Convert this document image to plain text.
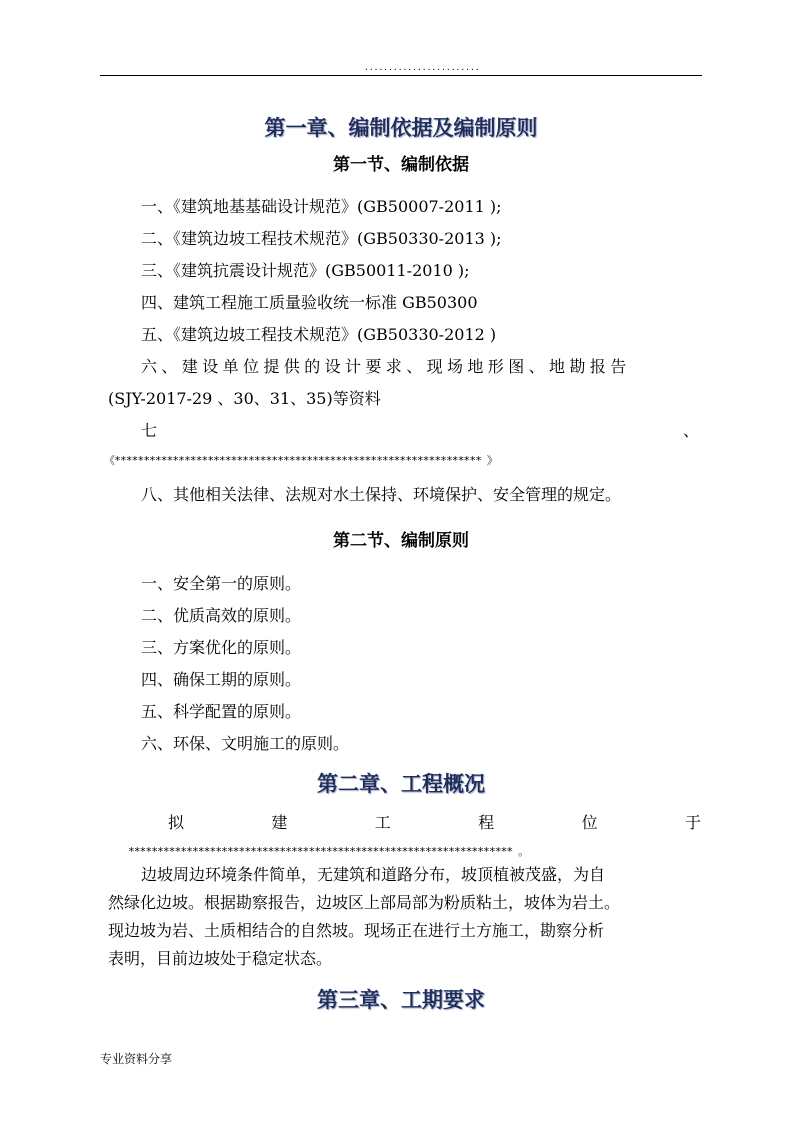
........................
第一章、编制依据及编制原则
第一节、编制依据
一、《建筑地基基础设计规范》(GB50007-2011 );
二、《建筑边坡工程技术规范》(GB50330-2013 );
三、《建筑抗震设计规范》(GB50011-2010 );
四、建筑工程施工质量验收统一标准 GB50300
五、《建筑边坡工程技术规范》(GB50330-2012 )
六、建设单位提供的设计要求、现场地形图、地勘报告
(SJY-2017-29 、30、31、35)等资料
七	、
《*************************************************************** 》
八、其他相关法律、法规对水土保持、环境保护、安全管理的规定。
第二节、编制原则
一、安全第一的原则。
二、优质高效的原则。
三、方案优化的原则。
四、确保工期的原则。
五、科学配置的原则。
六、环保、文明施工的原则。
第二章、工程概况
拟	建	工	程	位	于
****************************************************************** 。
边坡周边环境条件简单，无建筑和道路分布，坡顶植被茂盛，为自
然绿化边坡。根据勘察报告，边坡区上部局部为粉质粘土，坡体为岩土。
现边坡为岩、土质相结合的自然坡。现场正在进行土方施工，勘察分析
表明，目前边坡处于稳定状态。
第三章、工期要求
专业资料分享
